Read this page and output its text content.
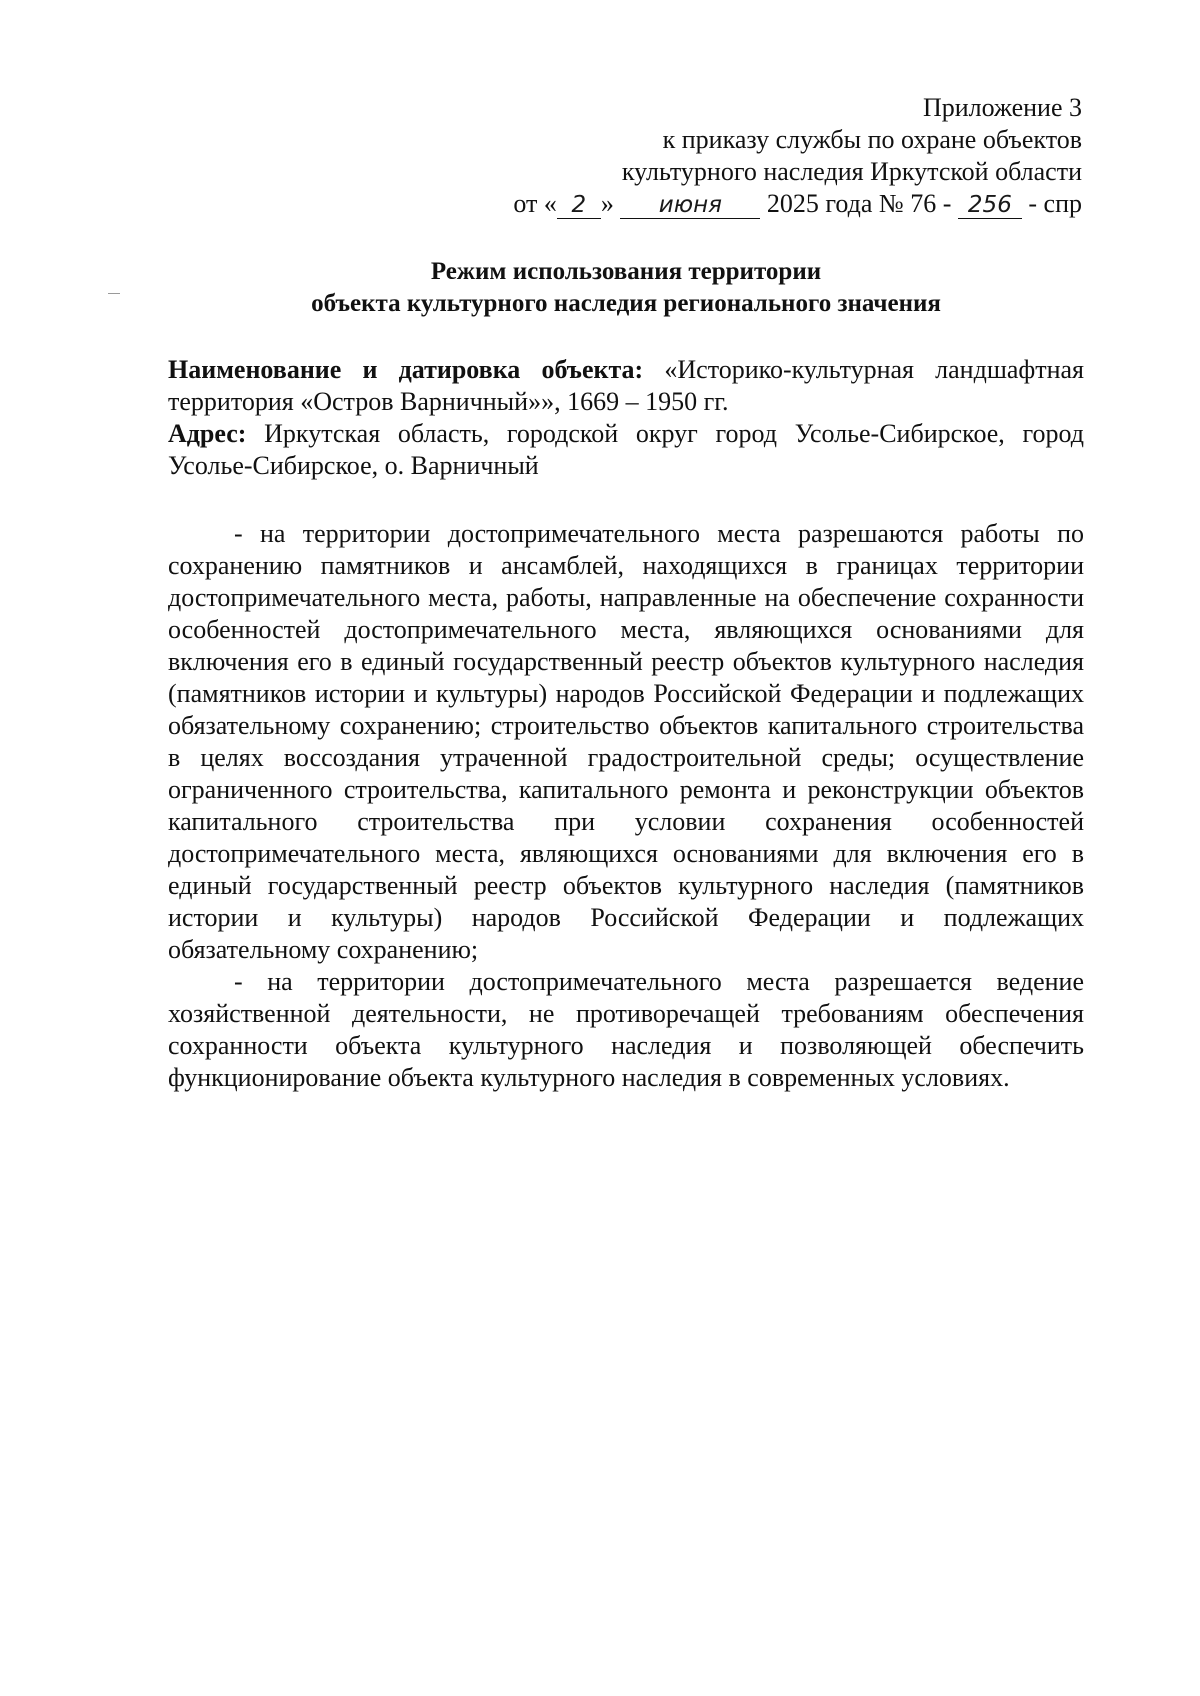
Приложение 3
к приказу службы по охране объектов
культурного наследия Иркутской области
от « 2 » июня 2025 года № 76 - 256 - спр
Режим использования территории
объекта культурного наследия регионального значения

Наименование и датировка объекта: «Историко-культурная ландшафтная территория «Остров Варничный»», 1669 – 1950 гг.

Адрес: Иркутская область, городской округ город Усолье-Сибирское, город Усолье-Сибирское, о. Варничный

- на территории достопримечательного места разрешаются работы по сохранению памятников и ансамблей, находящихся в границах территории достопримечательного места, работы, направленные на обеспечение сохранности особенностей достопримечательного места, являющихся основаниями для включения его в единый государственный реестр объектов культурного наследия (памятников истории и культуры) народов Российской Федерации и подлежащих обязательному сохранению; строительство объектов капитального строительства в целях воссоздания утраченной градостроительной среды; осуществление ограниченного строительства, капитального ремонта и реконструкции объектов капитального строительства при условии сохранения особенностей достопримечательного места, являющихся основаниями для включения его в единый государственный реестр объектов культурного наследия (памятников истории и культуры) народов Российской Федерации и подлежащих обязательному сохранению;

- на территории достопримечательного места разрешается ведение хозяйственной деятельности, не противоречащей требованиям обеспечения сохранности объекта культурного наследия и позволяющей обеспечить функционирование объекта культурного наследия в современных условиях.
